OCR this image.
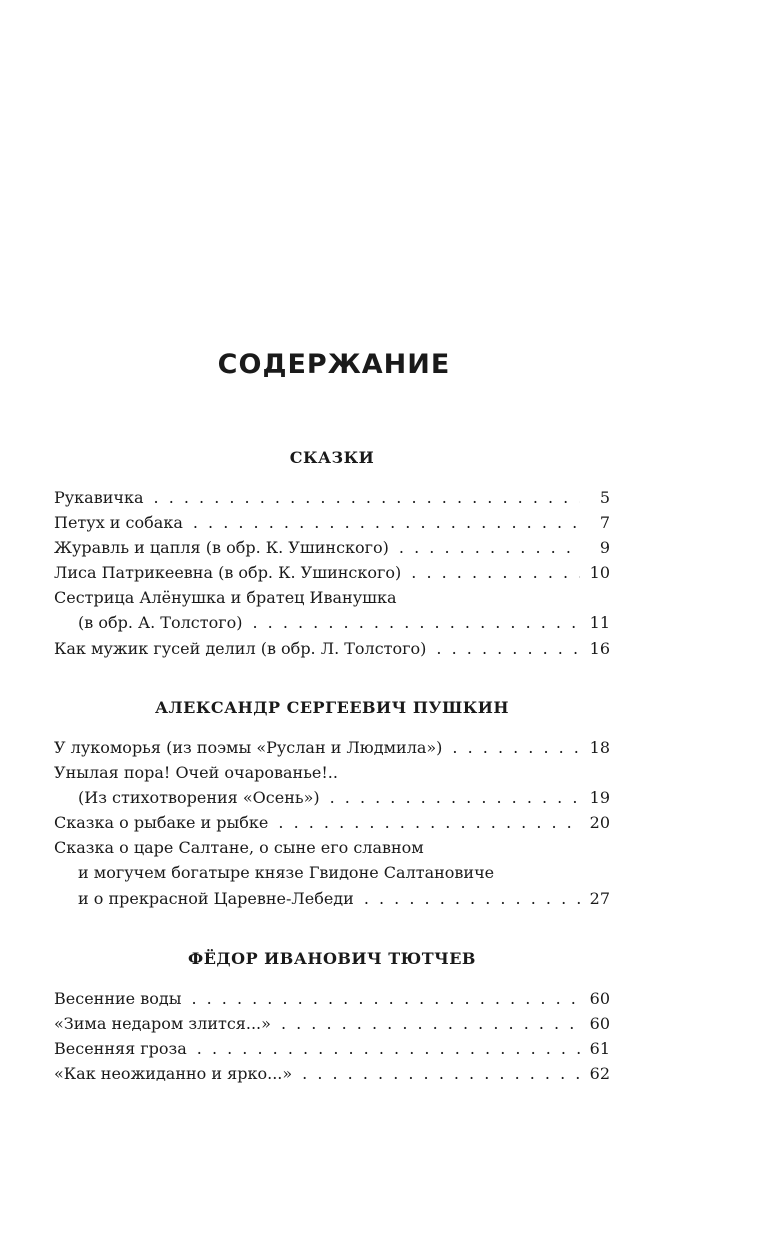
СОДЕРЖАНИЕ
СКАЗКИ
Рукавичка . . .	5
Петух и собака . . .	7
Журавль и цапля (в обр. К. Ушинского) . . .	9
Лиса Патрикеевна (в обр. К. Ушинского) . . .	10
Сестрица Алёнушка и братец Иванушка
(в обр. А. Толстого) . . .	11
Как мужик гусей делил (в обр. Л. Толстого) . . .	16
АЛЕКСАНДР СЕРГЕЕВИЧ ПУШКИН
У лукоморья (из поэмы «Руслан и Людмила») . . .	18
Унылая пора! Очей очарованье!..
(Из стихотворения «Осень») . . .	19
Сказка о рыбаке и рыбке . . .	20
Сказка о царе Салтане, о сыне его славном
и могучем богатыре князе Гвидоне Салтановиче
и о прекрасной Царевне-Лебеди . . .	27
ФЁДОР ИВАНОВИЧ ТЮТЧЕВ
Весенние воды . . .	60
«Зима недаром злится...» . . .	60
Весенняя гроза . . .	61
«Как неожиданно и ярко...» . . .	62
